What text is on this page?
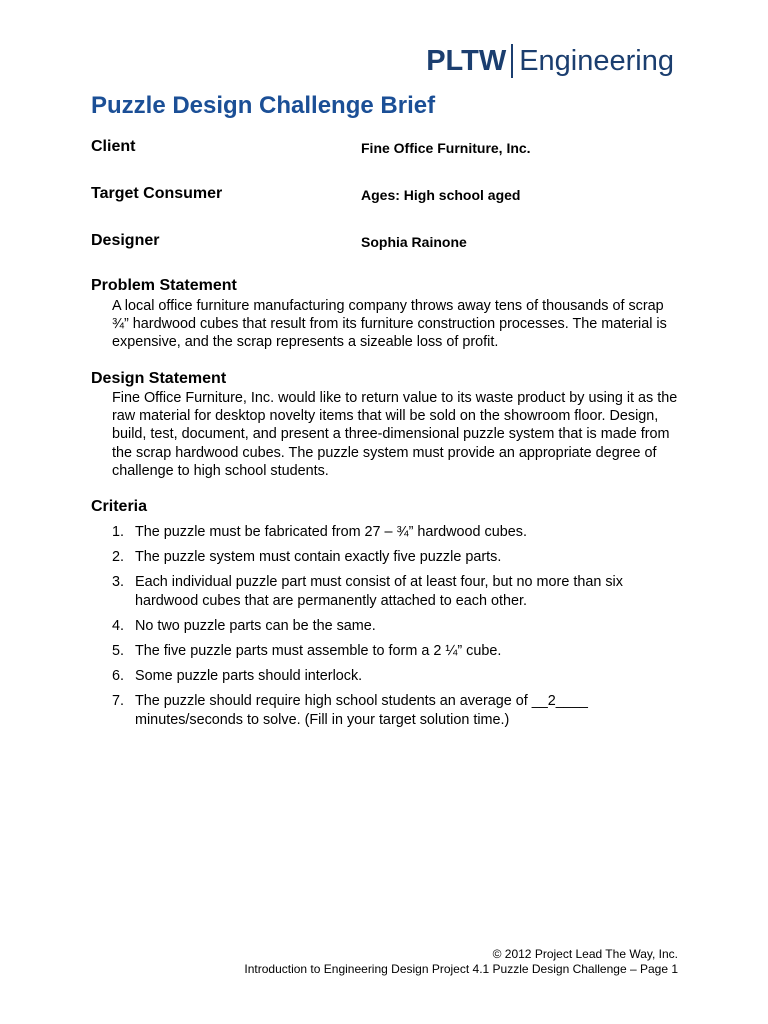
PLTW Engineering
Puzzle Design Challenge Brief
Client	Fine Office Furniture, Inc.
Target Consumer	Ages: High school aged
Designer	Sophia Rainone
Problem Statement

A local office furniture manufacturing company throws away tens of thousands of scrap ¾” hardwood cubes that result from its furniture construction processes. The material is expensive, and the scrap represents a sizeable loss of profit.

Design Statement

Fine Office Furniture, Inc. would like to return value to its waste product by using it as the raw material for desktop novelty items that will be sold on the showroom floor. Design, build, test, document, and present a three-dimensional puzzle system that is made from the scrap hardwood cubes. The puzzle system must provide an appropriate degree of challenge to high school students.

Criteria
1. The puzzle must be fabricated from 27 – ¾” hardwood cubes.
2. The puzzle system must contain exactly five puzzle parts.
3. Each individual puzzle part must consist of at least four, but no more than six hardwood cubes that are permanently attached to each other.
4. No two puzzle parts can be the same.
5. The five puzzle parts must assemble to form a 2 ¼” cube.
6. Some puzzle parts should interlock.
7. The puzzle should require high school students an average of __2____ minutes/seconds to solve. (Fill in your target solution time.)
© 2012 Project Lead The Way, Inc.
Introduction to Engineering Design Project 4.1 Puzzle Design Challenge – Page 1
